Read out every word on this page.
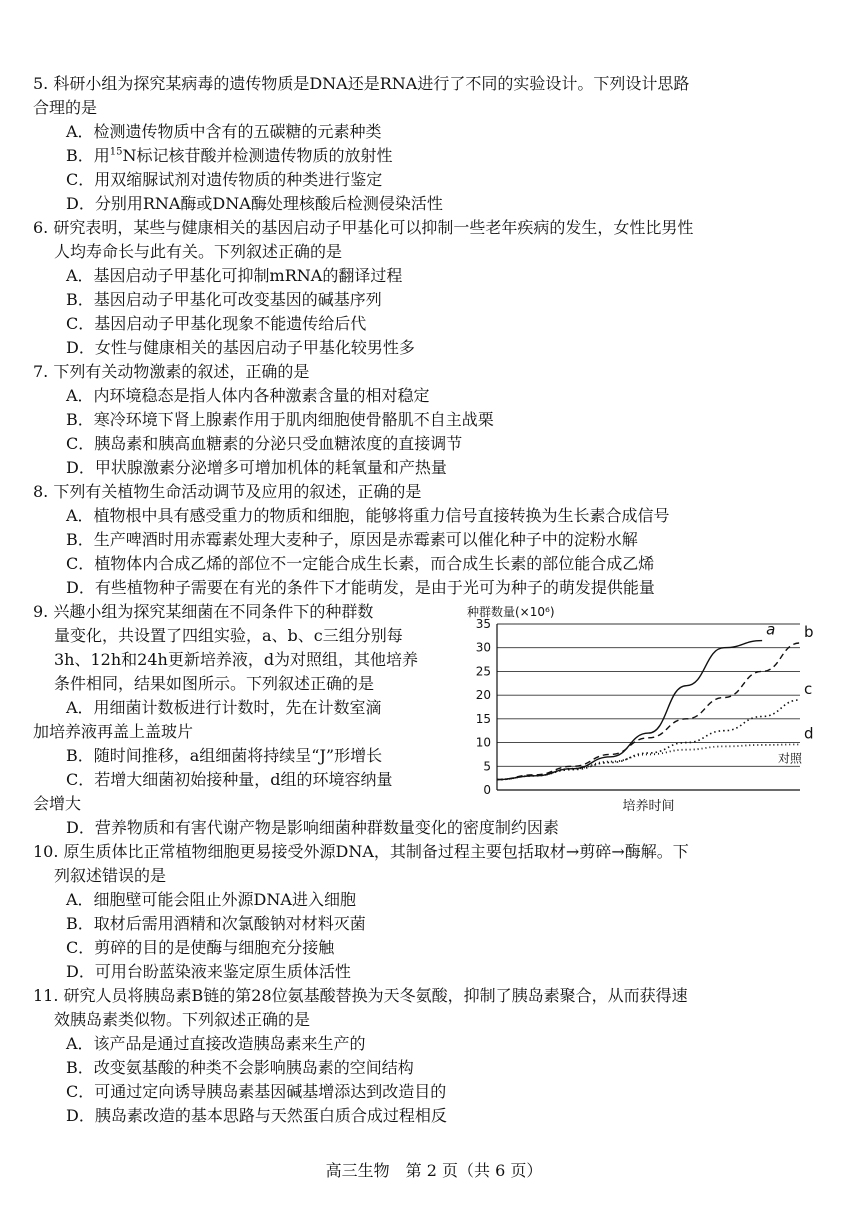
5. 科研小组为探究某病毒的遗传物质是DNA还是RNA进行了不同的实验设计。下列设计思路
合理的是
A．检测遗传物质中含有的五碳糖的元素种类
B．用$^{15}$N标记核苷酸并检测遗传物质的放射性
C．用双缩脲试剂对遗传物质的种类进行鉴定
D．分别用RNA酶或DNA酶处理核酸后检测侵染活性
6. 研究表明，某些与健康相关的基因启动子甲基化可以抑制一些老年疾病的发生，女性比男性
人均寿命长与此有关。下列叙述正确的是
A．基因启动子甲基化可抑制mRNA的翻译过程
B．基因启动子甲基化可改变基因的碱基序列
C．基因启动子甲基化现象不能遗传给后代
D．女性与健康相关的基因启动子甲基化较男性多
7. 下列有关动物激素的叙述，正确的是
A．内环境稳态是指人体内各种激素含量的相对稳定
B．寒冷环境下肾上腺素作用于肌肉细胞使骨骼肌不自主战栗
C．胰岛素和胰高血糖素的分泌只受血糖浓度的直接调节
D．甲状腺激素分泌增多可增加机体的耗氧量和产热量
8. 下列有关植物生命活动调节及应用的叙述，正确的是
A．植物根中具有感受重力的物质和细胞，能够将重力信号直接转换为生长素合成信号
B．生产啤酒时用赤霉素处理大麦种子，原因是赤霉素可以催化种子中的淀粉水解
C．植物体内合成乙烯的部位不一定能合成生长素，而合成生长素的部位能合成乙烯
D．有些植物种子需要在有光的条件下才能萌发，是由于光可为种子的萌发提供能量
9. 兴趣小组为探究某细菌在不同条件下的种群数
量变化，共设置了四组实验，a、b、c三组分别每
3h、12h和24h更新培养液，d为对照组，其他培养
条件相同，结果如图所示。下列叙述正确的是
A．用细菌计数板进行计数时，先在计数室滴
加培养液再盖上盖玻片
B．随时间推移，a组细菌将持续呈“J”形增长
C．若增大细菌初始接种量，d组的环境容纳量
会增大
D．营养物质和有害代谢产物是影响细菌种群数量变化的密度制约因素
种群数量(×10⁶)
0
5
10
15
20
25
30
35	a b
c
d
对照
培养时间
10. 原生质体比正常植物细胞更易接受外源DNA，其制备过程主要包括取材→剪碎→酶解。下
列叙述错误的是
A．细胞壁可能会阻止外源DNA进入细胞
B．取材后需用酒精和次氯酸钠对材料灭菌
C．剪碎的目的是使酶与细胞充分接触
D．可用台盼蓝染液来鉴定原生质体活性
11. 研究人员将胰岛素B链的第28位氨基酸替换为天冬氨酸，抑制了胰岛素聚合，从而获得速
效胰岛素类似物。下列叙述正确的是
A．该产品是通过直接改造胰岛素来生产的
B．改变氨基酸的种类不会影响胰岛素的空间结构
C．可通过定向诱导胰岛素基因碱基增添达到改造目的
D．胰岛素改造的基本思路与天然蛋白质合成过程相反
高三生物　第 2 页（共 6 页）
